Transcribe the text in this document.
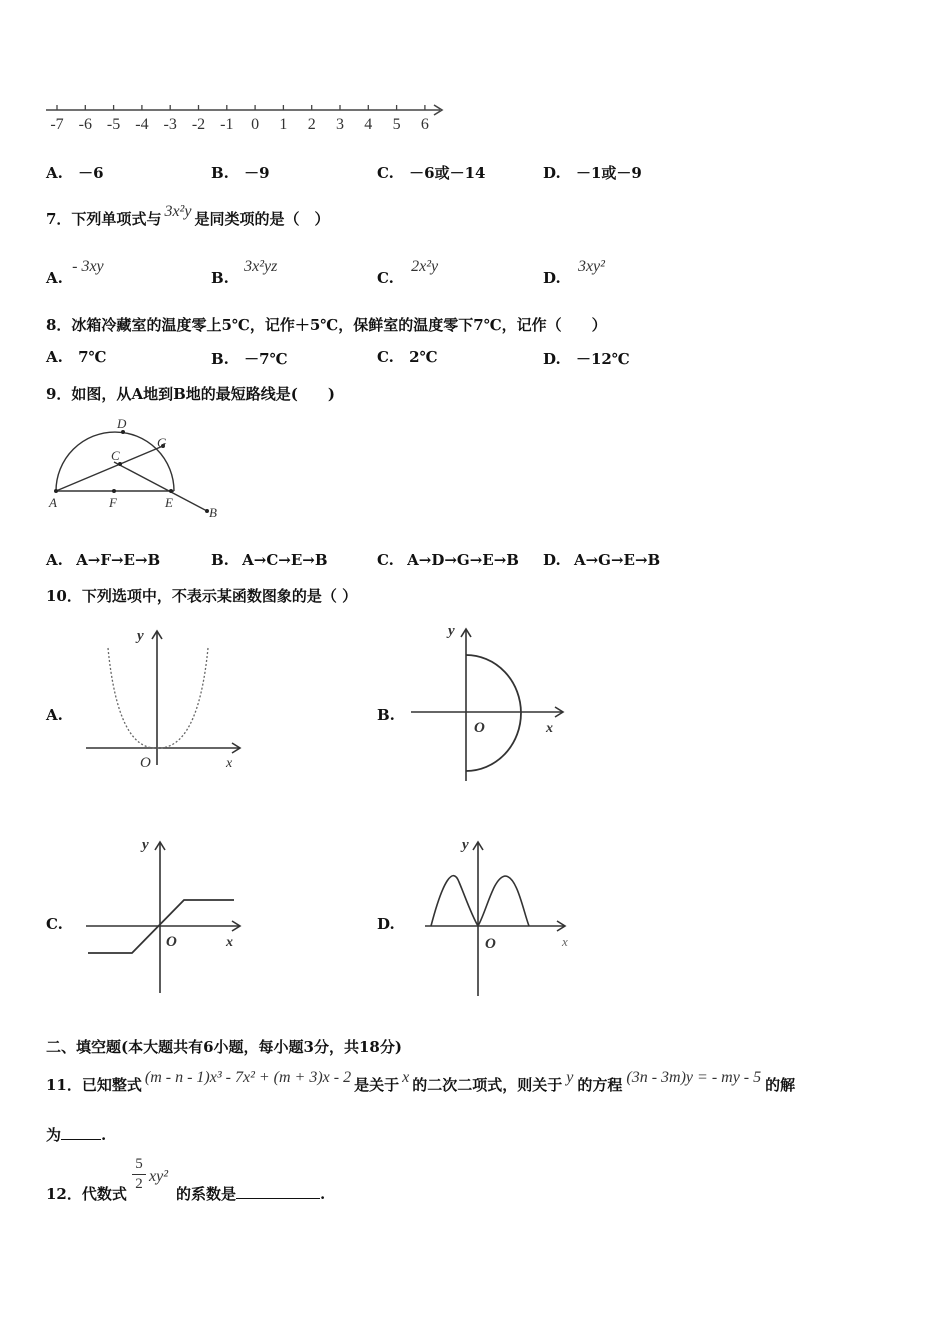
-7 -6 -5 -4 -3 -2 -1 0 1 2 3 4 5 6
A. －6	B. －9	C. －6或－14	D. －1或－9
7．下列单项式与 3x²y 是同类项的是（　）
A. - 3xy
B. 3x²yz
C. 2x²y
D. 3xy²
8．冰箱冷藏室的温度零上5℃，记作＋5℃，保鲜室的温度零下7℃，记作（　　）
A. 7℃	B. －7℃	C. 2℃	D. －12℃
9．如图，从A地到B地的最短路线是(　　)
A	F	E
D
G
C
B
A. A→F→E→B	B. A→C→E→B	C. A→D→G→E→B D. A→G→E→B
10．下列选项中，不表示某函数图象的是（ ）
A.
y
O	x
B.
y
O	x
C.
y
O	x
D.
y
O	x
二、填空题(本大题共有6小题，每小题3分，共18分)
11．已知整式 (m - n - 1)x³ - 7x² + (m + 3)x - 2 是关于 x 的二次二项式，则关于 y 的方程 (3n - 3m)y = - my - 5 的解
为	.
12．代数式
5
2 xy²
的系数是	.
